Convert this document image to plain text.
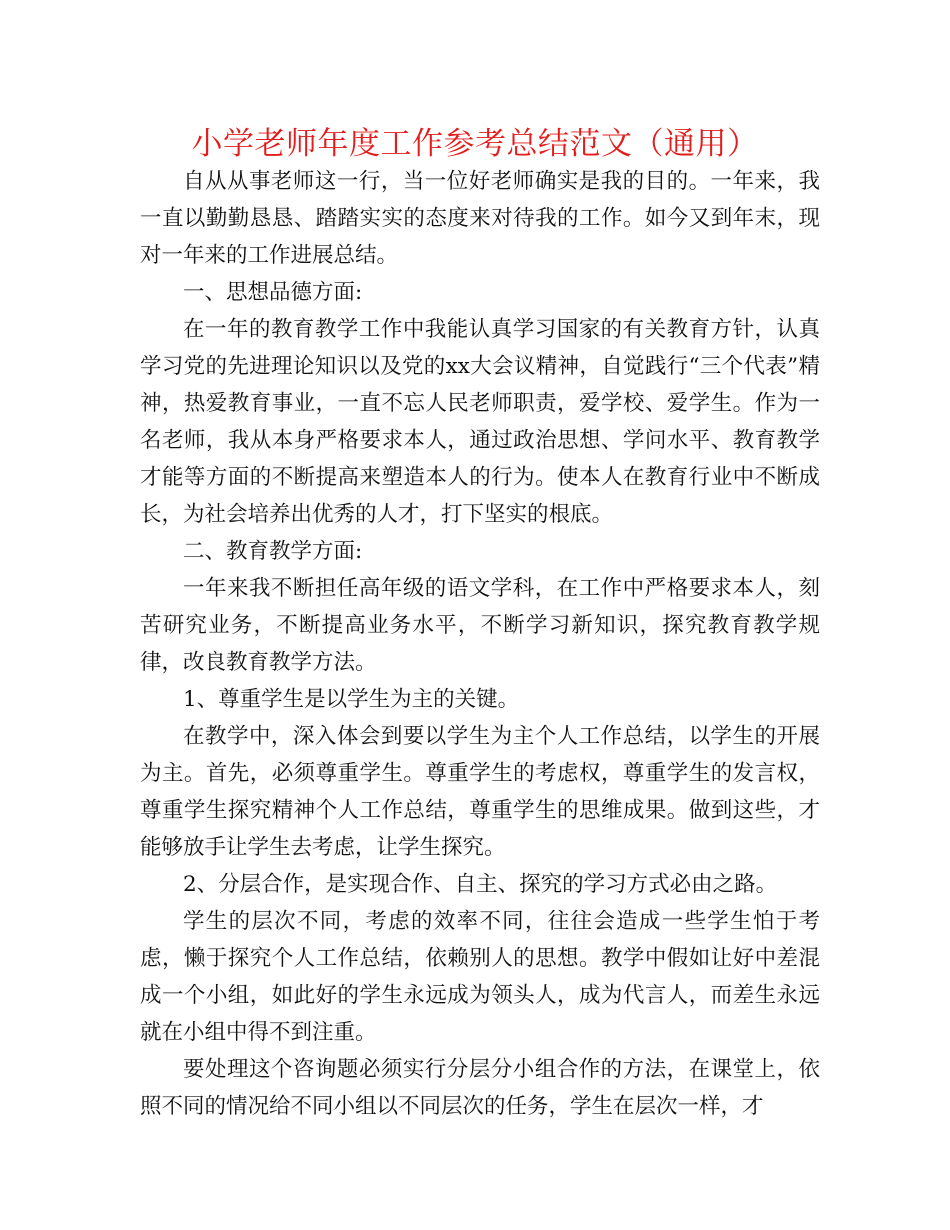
小学老师年度工作参考总结范文（通用）

自从从事老师这一行，当一位好老师确实是我的目的。一年来，我一直以勤勤恳恳、踏踏实实的态度来对待我的工作。如今又到年末，现对一年来的工作进展总结。

一、思想品德方面:

在一年的教育教学工作中我能认真学习国家的有关教育方针，认真学习党的先进理论知识以及党的xx大会议精神，自觉践行“三个代表”精神，热爱教育事业，一直不忘人民老师职责，爱学校、爱学生。作为一名老师，我从本身严格要求本人，通过政治思想、学问水平、教育教学才能等方面的不断提高来塑造本人的行为。使本人在教育行业中不断成长，为社会培养出优秀的人才，打下坚实的根底。

二、教育教学方面:

一年来我不断担任高年级的语文学科，在工作中严格要求本人，刻苦研究业务，不断提高业务水平，不断学习新知识，探究教育教学规律，改良教育教学方法。

1、尊重学生是以学生为主的关键。

在教学中，深入体会到要以学生为主个人工作总结，以学生的开展为主。首先，必须尊重学生。尊重学生的考虑权，尊重学生的发言权，尊重学生探究精神个人工作总结，尊重学生的思维成果。做到这些，才能够放手让学生去考虑，让学生探究。

2、分层合作，是实现合作、自主、探究的学习方式必由之路。

学生的层次不同，考虑的效率不同，往往会造成一些学生怕于考虑，懒于探究个人工作总结，依赖别人的思想。教学中假如让好中差混成一个小组，如此好的学生永远成为领头人，成为代言人，而差生永远就在小组中得不到注重。

要处理这个咨询题必须实行分层分小组合作的方法，在课堂上，依照不同的情况给不同小组以不同层次的任务，学生在层次一样，才
